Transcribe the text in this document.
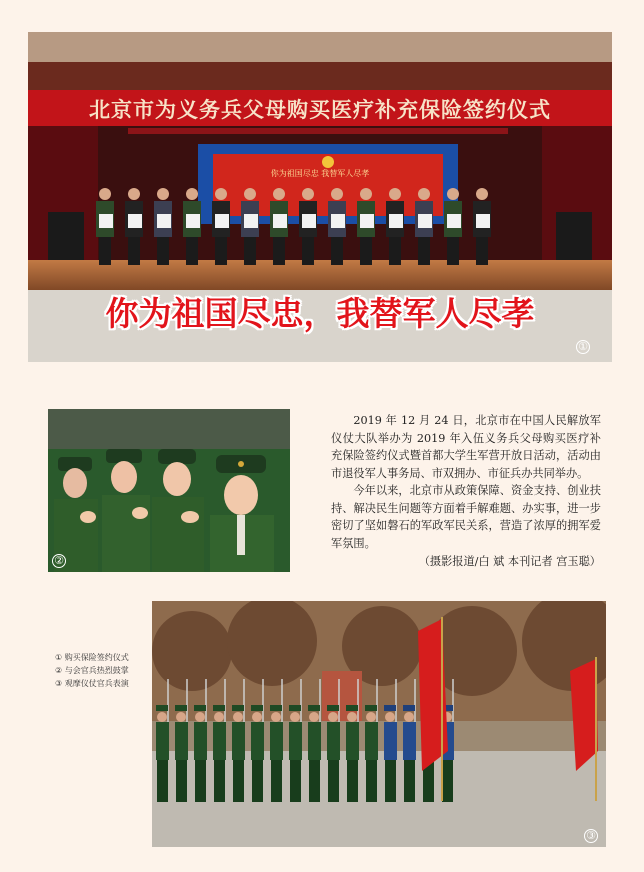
北京市为义务兵父母购买医疗补充保险签约仪式
你为祖国尽忠 我替军人尽孝
你为祖国尽忠，我替军人尽孝
①
②

2019 年 12 月 24 日，北京市在中国人民解放军仪仗大队举办为 2019 年入伍义务兵父母购买医疗补充保险签约仪式暨首都大学生军营开放日活动，活动由市退役军人事务局、市双拥办、市征兵办共同举办。

今年以来，北京市从政策保障、资金支持、创业扶持、解决民生问题等方面着手解难题、办实事，进一步密切了坚如磐石的军政军民关系，营造了浓厚的拥军爱军氛围。

（摄影报道/白 斌 本刊记者 宫玉聪）

① 购买保险签约仪式
② 与会官兵热烈鼓掌
③ 观摩仪仗官兵表演
③
